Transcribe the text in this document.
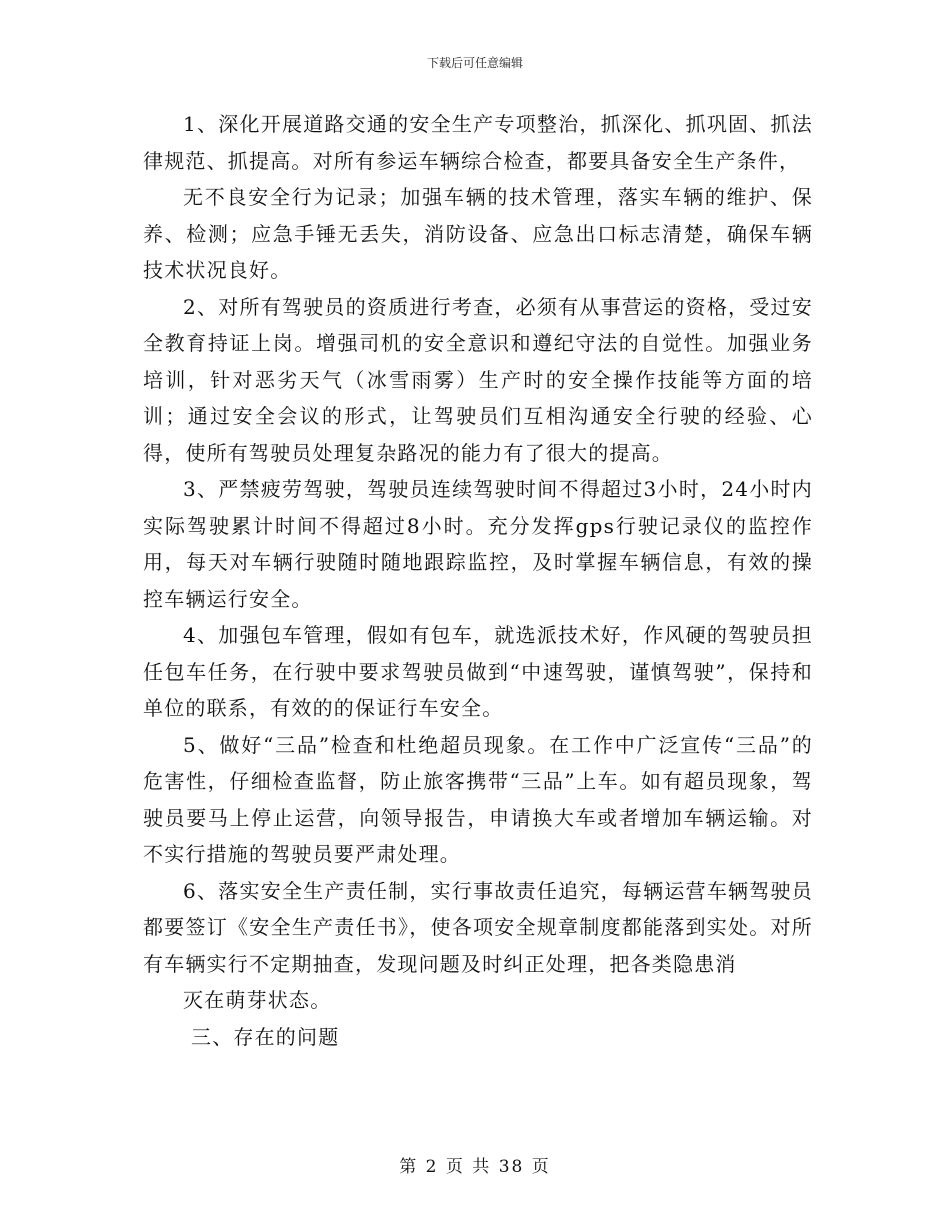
下载后可任意编辑

1、深化开展道路交通的安全生产专项整治，抓深化、抓巩固、抓法律规范、抓提高。对所有参运车辆综合检查，都要具备安全生产条件，

无不良安全行为记录；加强车辆的技术管理，落实车辆的维护、保养、检测；应急手锤无丢失，消防设备、应急出口标志清楚，确保车辆技术状况良好。

2、对所有驾驶员的资质进行考查，必须有从事营运的资格，受过安全教育持证上岗。增强司机的安全意识和遵纪守法的自觉性。加强业务培训，针对恶劣天气（冰雪雨雾）生产时的安全操作技能等方面的培训；通过安全会议的形式，让驾驶员们互相沟通安全行驶的经验、心得，使所有驾驶员处理复杂路况的能力有了很大的提高。

3、严禁疲劳驾驶，驾驶员连续驾驶时间不得超过3小时，24小时内实际驾驶累计时间不得超过8小时。充分发挥gps行驶记录仪的监控作用，每天对车辆行驶随时随地跟踪监控，及时掌握车辆信息，有效的操控车辆运行安全。

4、加强包车管理，假如有包车，就选派技术好，作风硬的驾驶员担任包车任务，在行驶中要求驾驶员做到“中速驾驶，谨慎驾驶”，保持和单位的联系，有效的的保证行车安全。

5、做好“三品”检查和杜绝超员现象。在工作中广泛宣传“三品”的危害性，仔细检查监督，防止旅客携带“三品”上车。如有超员现象，驾驶员要马上停止运营，向领导报告，申请换大车或者增加车辆运输。对不实行措施的驾驶员要严肃处理。

6、落实安全生产责任制，实行事故责任追究，每辆运营车辆驾驶员都要签订《安全生产责任书》，使各项安全规章制度都能落到实处。对所有车辆实行不定期抽查，发现问题及时纠正处理，把各类隐患消

灭在萌芽状态。

三、存在的问题

第 2 页 共 38 页
